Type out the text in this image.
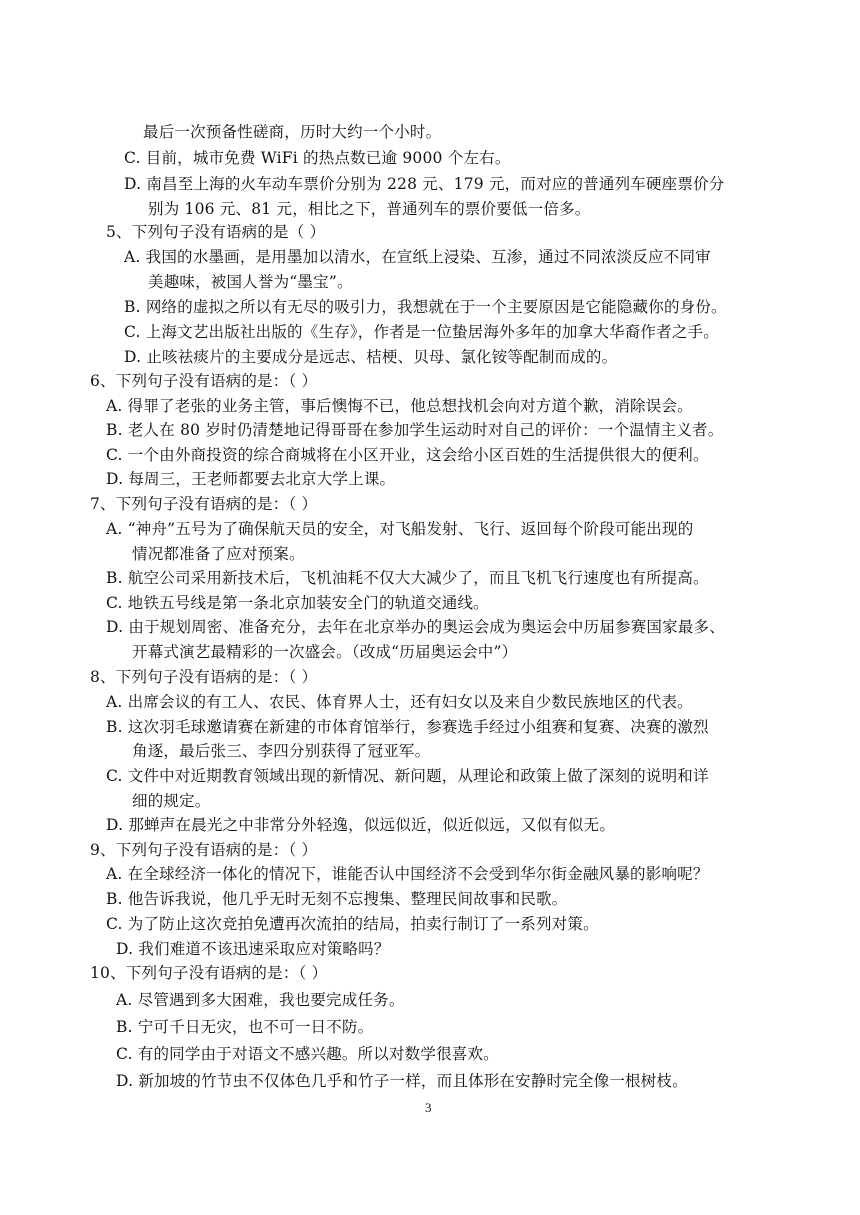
最后一次预备性磋商，历时大约一个小时。
C. 目前，城市免费 WiFi 的热点数已逾 9000 个左右。
D. 南昌至上海的火车动车票价分别为 228 元、179 元，而对应的普通列车硬座票价分
别为 106 元、81 元，相比之下，普通列车的票价要低一倍多。
5、下列句子没有语病的是（ ）
A. 我国的水墨画，是用墨加以清水，在宣纸上浸染、互渗，通过不同浓淡反应不同审
美趣味，被国人誉为“墨宝”。
B. 网络的虚拟之所以有无尽的吸引力，我想就在于一个主要原因是它能隐藏你的身份。
C. 上海文艺出版社出版的《生存》，作者是一位蛰居海外多年的加拿大华裔作者之手。
D. 止咳祛痰片的主要成分是远志、桔梗、贝母、氯化铵等配制而成的。
6、下列句子没有语病的是：（ ）
A. 得罪了老张的业务主管，事后懊悔不已，他总想找机会向对方道个歉，消除误会。
B. 老人在 80 岁时仍清楚地记得哥哥在参加学生运动时对自己的评价：一个温情主义者。
C. 一个由外商投资的综合商城将在小区开业，这会给小区百姓的生活提供很大的便利。
D. 每周三，王老师都要去北京大学上课。
7、下列句子没有语病的是：（ ）
A. “神舟”五号为了确保航天员的安全，对飞船发射、飞行、返回每个阶段可能出现的
情况都准备了应对预案。
B. 航空公司采用新技术后，飞机油耗不仅大大减少了，而且飞机飞行速度也有所提高。
C. 地铁五号线是第一条北京加装安全门的轨道交通线。
D. 由于规划周密、准备充分，去年在北京举办的奥运会成为奥运会中历届参赛国家最多、
开幕式演艺最精彩的一次盛会。（改成“历届奥运会中”）
8、下列句子没有语病的是：（ ）
A. 出席会议的有工人、农民、体育界人士，还有妇女以及来自少数民族地区的代表。
B. 这次羽毛球邀请赛在新建的市体育馆举行，参赛选手经过小组赛和复赛、决赛的激烈
角逐，最后张三、李四分别获得了冠亚军。
C. 文件中对近期教育领域出现的新情况、新问题，从理论和政策上做了深刻的说明和详
细的规定。
D. 那蝉声在晨光之中非常分外轻逸，似远似近，似近似远，又似有似无。
9、下列句子没有语病的是：（ ）
A. 在全球经济一体化的情况下，谁能否认中国经济不会受到华尔街金融风暴的影响呢？
B. 他告诉我说，他几乎无时无刻不忘搜集、整理民间故事和民歌。
C. 为了防止这次竞拍免遭再次流拍的结局，拍卖行制订了一系列对策。
D. 我们难道不该迅速采取应对策略吗？
10、下列句子没有语病的是：（ ）
A. 尽管遇到多大困难，我也要完成任务。
B. 宁可千日无灾，也不可一日不防。
C. 有的同学由于对语文不感兴趣。所以对数学很喜欢。
D. 新加坡的竹节虫不仅体色几乎和竹子一样，而且体形在安静时完全像一根树枝。
3
